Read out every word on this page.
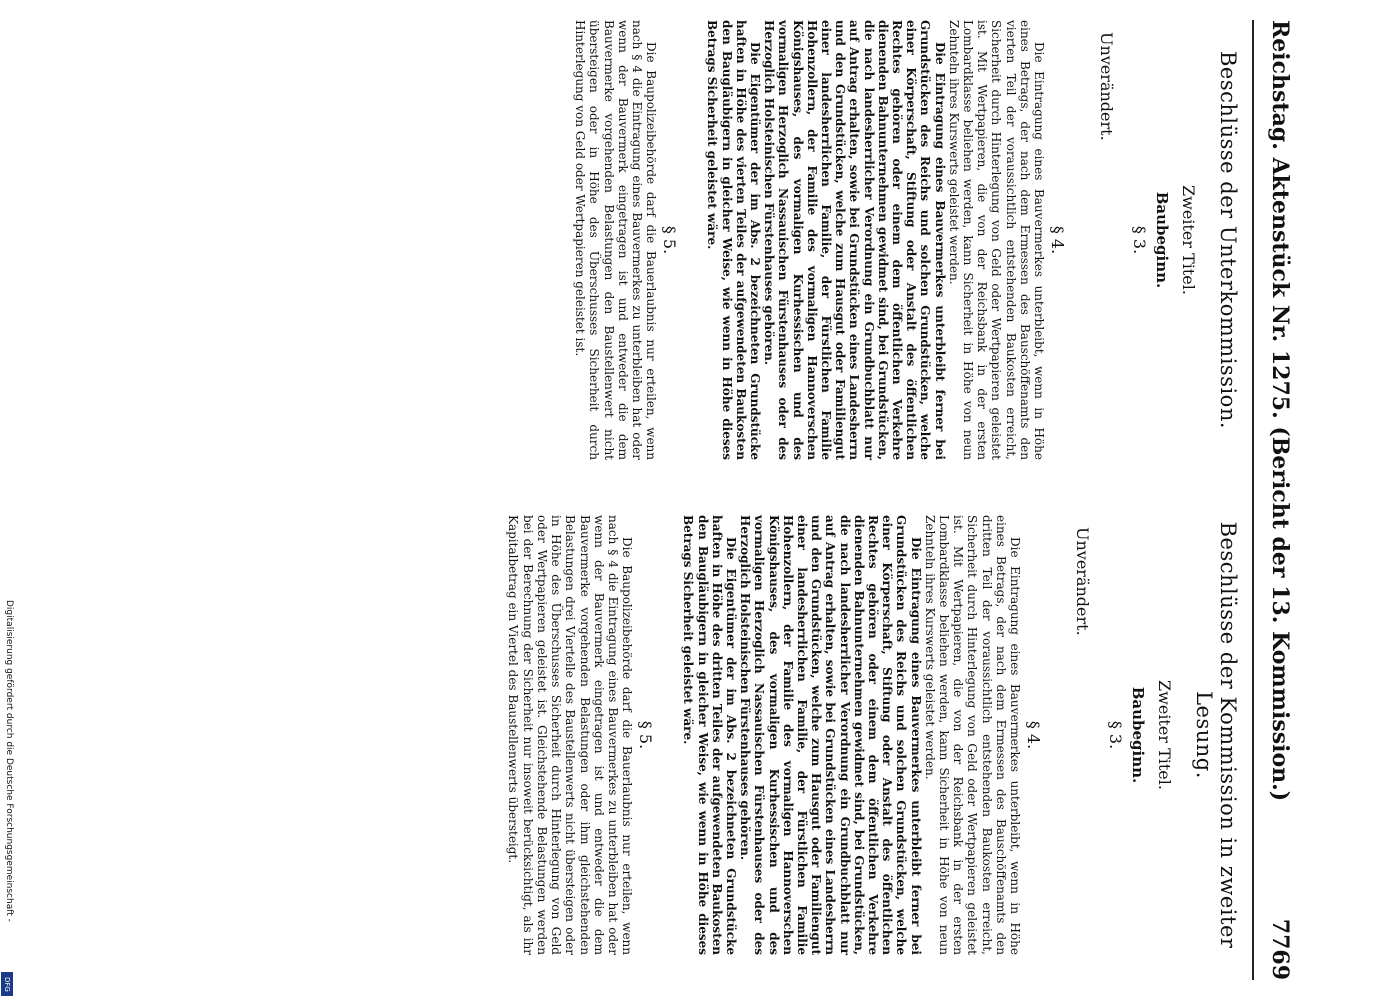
Reichstag. Aktenstück Nr. 1275. (Bericht der 13. Kommission.)
7769
Beschlüsse der Unterkommission.
Zweiter Titel.
Baubeginn.
§ 3.
Unverändert.
§ 4.

Die Eintragung eines Bauvermerkes unterbleibt, wenn in Höhe eines Betrags, der nach dem Ermessen des Bauschöffenamts den vierten Teil der voraussichtlich entstehenden Baukosten erreicht, Sicherheit durch Hinterlegung von Geld oder Wertpapieren geleistet ist. Mit Wertpapieren, die von der Reichsbank in der ersten Lombardklasse beliehen werden, kann Sicherheit in Höhe von neun Zehnteln ihres Kurswerts geleistet werden.

Die Eintragung eines Bauvermerkes unterbleibt ferner bei Grundstücken des Reichs und solchen Grundstücken, welche einer Körperschaft, Stiftung oder Anstalt des öffentlichen Rechtes gehören oder einem dem öffentlichen Verkehre dienenden Bahnunternehmen gewidmet sind, bei Grundstücken, die nach landesherrlicher Verordnung ein Grundbuchblatt nur auf Antrag erhalten, sowie bei Grundstücken eines Landesherrn und den Grundstücken, welche zum Hausgut oder Familiengut einer landesherrlichen Familie, der Fürstlichen Familie Hohenzollern, der Familie des vormaligen Hannoverschen Königshauses, des vormaligen Kurhessischen und des vormaligen Herzoglich Nassauischen Fürstenhauses oder des Herzoglich Holsteinischen Fürstenhauses gehören.

Die Eigentümer der im Abs. 2 bezeichneten Grundstücke haften in Höhe des vierten Teiles der aufgewendeten Baukosten den Baugläubigern in gleicher Weise, wie wenn in Höhe dieses Betrags Sicherheit geleistet wäre.

§ 5.

Die Baupolizeibehörde darf die Bauerlaubnis nur erteilen, wenn nach § 4 die Eintragung eines Bauvermerkes zu unterbleiben hat oder wenn der Bauvermerk eingetragen ist und entweder die dem Bauvermerke vorgehenden Belastungen den Baustellenwert nicht übersteigen oder in Höhe des Überschusses Sicherheit durch Hinterlegung von Geld oder Wertpapieren geleistet ist.

Beschlüsse der Kommission in zweiter Lesung.
Zweiter Titel.
Baubeginn.
§ 3.
Unverändert.
§ 4.

Die Eintragung eines Bauvermerkes unterbleibt, wenn in Höhe eines Betrags, der nach dem Ermessen des Bauschöffenamts den dritten Teil der voraussichtlich entstehenden Baukosten erreicht, Sicherheit durch Hinterlegung von Geld oder Wertpapieren geleistet ist. Mit Wertpapieren, die von der Reichsbank in der ersten Lombardklasse beliehen werden, kann Sicherheit in Höhe von neun Zehnteln ihres Kurswerts geleistet werden.

Die Eintragung eines Bauvermerkes unterbleibt ferner bei Grundstücken des Reichs und solchen Grundstücken, welche einer Körperschaft, Stiftung oder Anstalt des öffentlichen Rechtes gehören oder einem dem öffentlichen Verkehre dienenden Bahnunternehmen gewidmet sind, bei Grundstücken, die nach landesherrlicher Verordnung ein Grundbuchblatt nur auf Antrag erhalten, sowie bei Grundstücken eines Landesherrn und den Grundstücken, welche zum Hausgut oder Familiengut einer landesherrlichen Familie, der Fürstlichen Familie Hohenzollern, der Familie des vormaligen Hannoverschen Königshauses, des vormaligen Kurhessischen und des vormaligen Herzoglich Nassauischen Fürstenhauses oder des Herzoglich Holsteinischen Fürstenhauses gehören.

Die Eigentümer der im Abs. 2 bezeichneten Grundstücke haften in Höhe des dritten Teiles der aufgewendeten Baukosten den Baugläubigern in gleicher Weise, wie wenn in Höhe dieses Betrags Sicherheit geleistet wäre.

§ 5.

Die Baupolizeibehörde darf die Bauerlaubnis nur erteilen, wenn nach § 4 die Eintragung eines Bauvermerkes zu unterbleiben hat oder wenn der Bauvermerk eingetragen ist und entweder die dem Bauvermerke vorgehenden Belastungen oder ihm gleichstehenden Belastungen drei Viertelle des Baustellenwerts nicht übersteigen oder in Höhe des Überschusses Sicherheit durch Hinterlegung von Geld oder Wertpapieren geleistet ist. Gleichstehende Belastungen werden bei der Berechnung der Sicherheit nur insoweit berücksichtigt, als ihr Kapitalbetrag ein Viertel des Baustellenwerts übersteigt.

Digitalisierung gefördert durch die Deutsche Forschungsgemeinschaft -
DFG
